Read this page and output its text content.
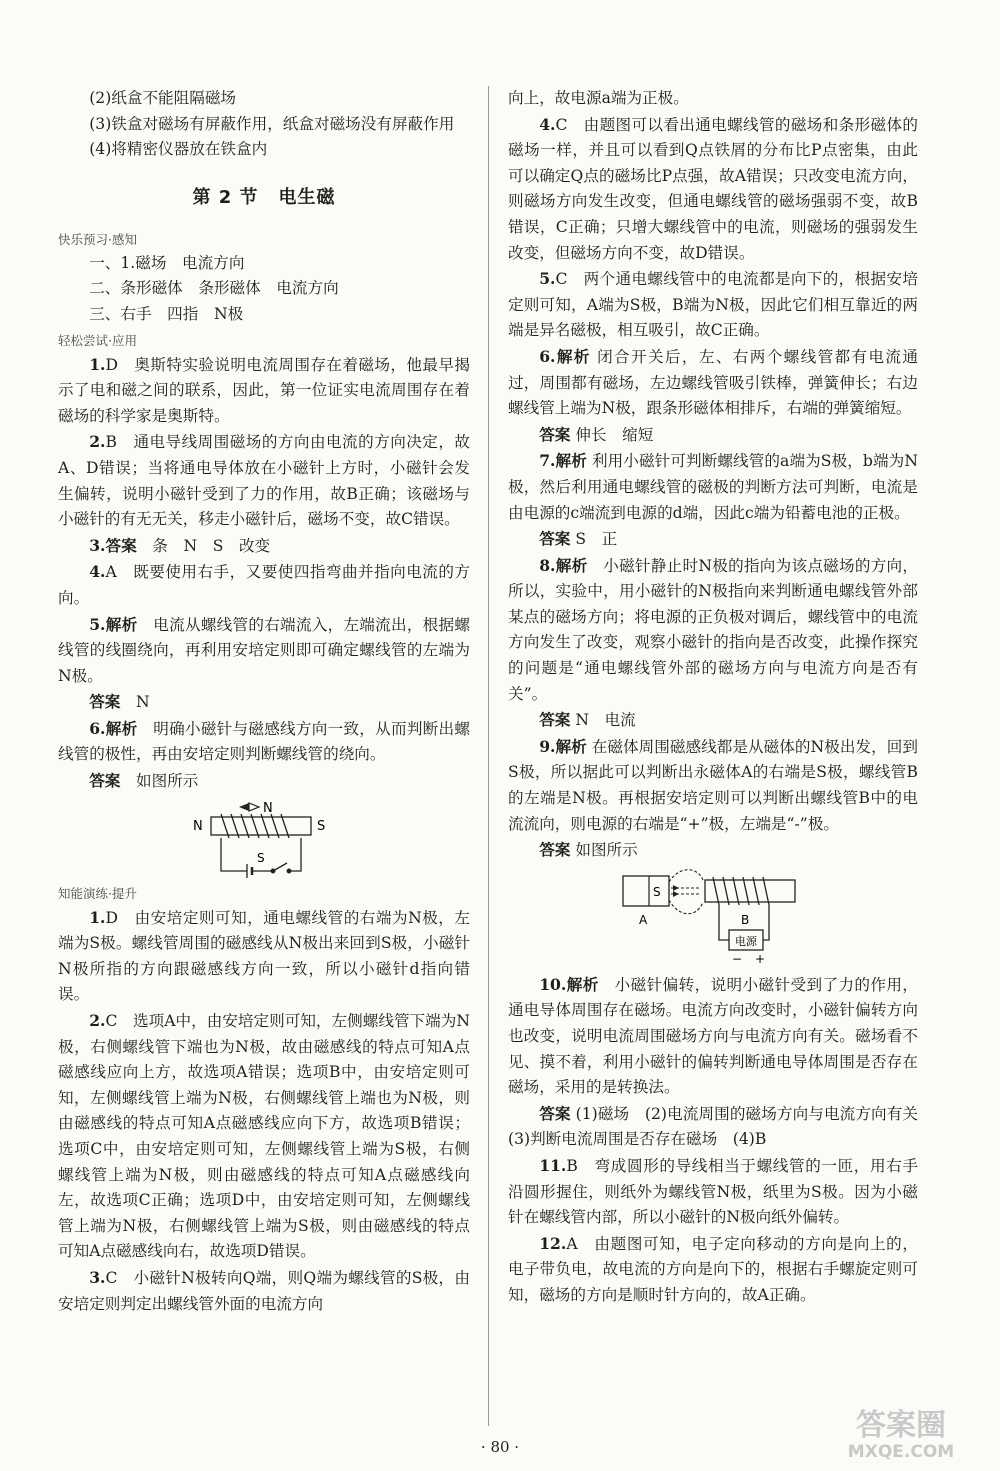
(2)纸盒不能阻隔磁场

(3)铁盒对磁场有屏蔽作用，纸盒对磁场没有屏蔽作用

(4)将精密仪器放在铁盒内

第 2 节 电生磁
快乐预习·感知

一、1.磁场　电流方向

二、条形磁体　条形磁体　电流方向

三、右手　四指　N极

轻松尝试·应用

1.D　奥斯特实验说明电流周围存在着磁场，他最早揭示了电和磁之间的联系，因此，第一位证实电流周围存在着磁场的科学家是奥斯特。

2.B　通电导线周围磁场的方向由电流的方向决定，故A、D错误；当将通电导体放在小磁针上方时，小磁针会发生偏转，说明小磁针受到了力的作用，故B正确；该磁场与小磁针的有无无关，移走小磁针后，磁场不变，故C错误。

3.答案　条　N　S　改变

4.A　既要使用右手，又要使四指弯曲并指向电流的方向。

5.解析　电流从螺线管的右端流入，左端流出，根据螺线管的线圈绕向，再利用安培定则即可确定螺线管的左端为N极。

答案　N

6.解析　明确小磁针与磁感线方向一致，从而判断出螺线管的极性，再由安培定则判断螺线管的绕向。

答案　如图所示

N
N	S
S
知能演练·提升

1.D　由安培定则可知，通电螺线管的右端为N极，左端为S极。螺线管周围的磁感线从N极出来回到S极，小磁针N极所指的方向跟磁感线方向一致，所以小磁针d指向错误。

2.C　选项A中，由安培定则可知，左侧螺线管下端为N极，右侧螺线管下端也为N极，故由磁感线的特点可知A点磁感线应向上方，故选项A错误；选项B中，由安培定则可知，左侧螺线管上端为N极，右侧螺线管上端也为N极，则由磁感线的特点可知A点磁感线应向下方，故选项B错误；选项C中，由安培定则可知，左侧螺线管上端为S极，右侧螺线管上端为N极，则由磁感线的特点可知A点磁感线向左，故选项C正确；选项D中，由安培定则可知，左侧螺线管上端为N极，右侧螺线管上端为S极，则由磁感线的特点可知A点磁感线向右，故选项D错误。

3.C　小磁针N极转向Q端，则Q端为螺线管的S极，由安培定则判定出螺线管外面的电流方向

向上，故电源a端为正极。

4.C　由题图可以看出通电螺线管的磁场和条形磁体的磁场一样，并且可以看到Q点铁屑的分布比P点密集，由此可以确定Q点的磁场比P点强，故A错误；只改变电流方向，则磁场方向发生改变，但通电螺线管的磁场强弱不变，故B错误，C正确；只增大螺线管中的电流，则磁场的强弱发生改变，但磁场方向不变，故D错误。

5.C　两个通电螺线管中的电流都是向下的，根据安培定则可知，A端为S极，B端为N极，因此它们相互靠近的两端是异名磁极，相互吸引，故C正确。

6.解析 闭合开关后，左、右两个螺线管都有电流通过，周围都有磁场，左边螺线管吸引铁棒，弹簧伸长；右边螺线管上端为N极，跟条形磁体相排斥，右端的弹簧缩短。

答案 伸长　缩短

7.解析 利用小磁针可判断螺线管的a端为S极，b端为N极，然后利用通电螺线管的磁极的判断方法可判断，电流是由电源的c端流到电源的d端，因此c端为铅蓄电池的正极。

答案 S　正

8.解析　小磁针静止时N极的指向为该点磁场的方向，所以，实验中，用小磁针的N极指向来判断通电螺线管外部某点的磁场方向；将电源的正负极对调后，螺线管中的电流方向发生了改变，观察小磁针的指向是否改变，此操作探究的问题是“通电螺线管外部的磁场方向与电流方向是否有关”。

答案 N　电流

9.解析 在磁体周围磁感线都是从磁体的N极出发，回到S极，所以据此可以判断出永磁体A的右端是S极，螺线管B的左端是N极。再根据安培定则可以判断出螺线管B中的电流流向，则电源的右端是“+”极，左端是“-”极。

答案 如图所示

S
A	B
电源
− +

10.解析　小磁针偏转，说明小磁针受到了力的作用，通电导体周围存在磁场。电流方向改变时，小磁针偏转方向也改变，说明电流周围磁场方向与电流方向有关。磁场看不见、摸不着，利用小磁针的偏转判断通电导体周围是否存在磁场，采用的是转换法。

答案 (1)磁场　(2)电流周围的磁场方向与电流方向有关　(3)判断电流周围是否存在磁场　(4)B

11.B　弯成圆形的导线相当于螺线管的一匝，用右手沿圆形握住，则纸外为螺线管N极，纸里为S极。因为小磁针在螺线管内部，所以小磁针的N极向纸外偏转。

12.A　由题图可知，电子定向移动的方向是向上的，电子带负电，故电流的方向是向下的，根据右手螺旋定则可知，磁场的方向是顺时针方向的，故A正确。

· 80 ·
答案圈
MXQE.COM
